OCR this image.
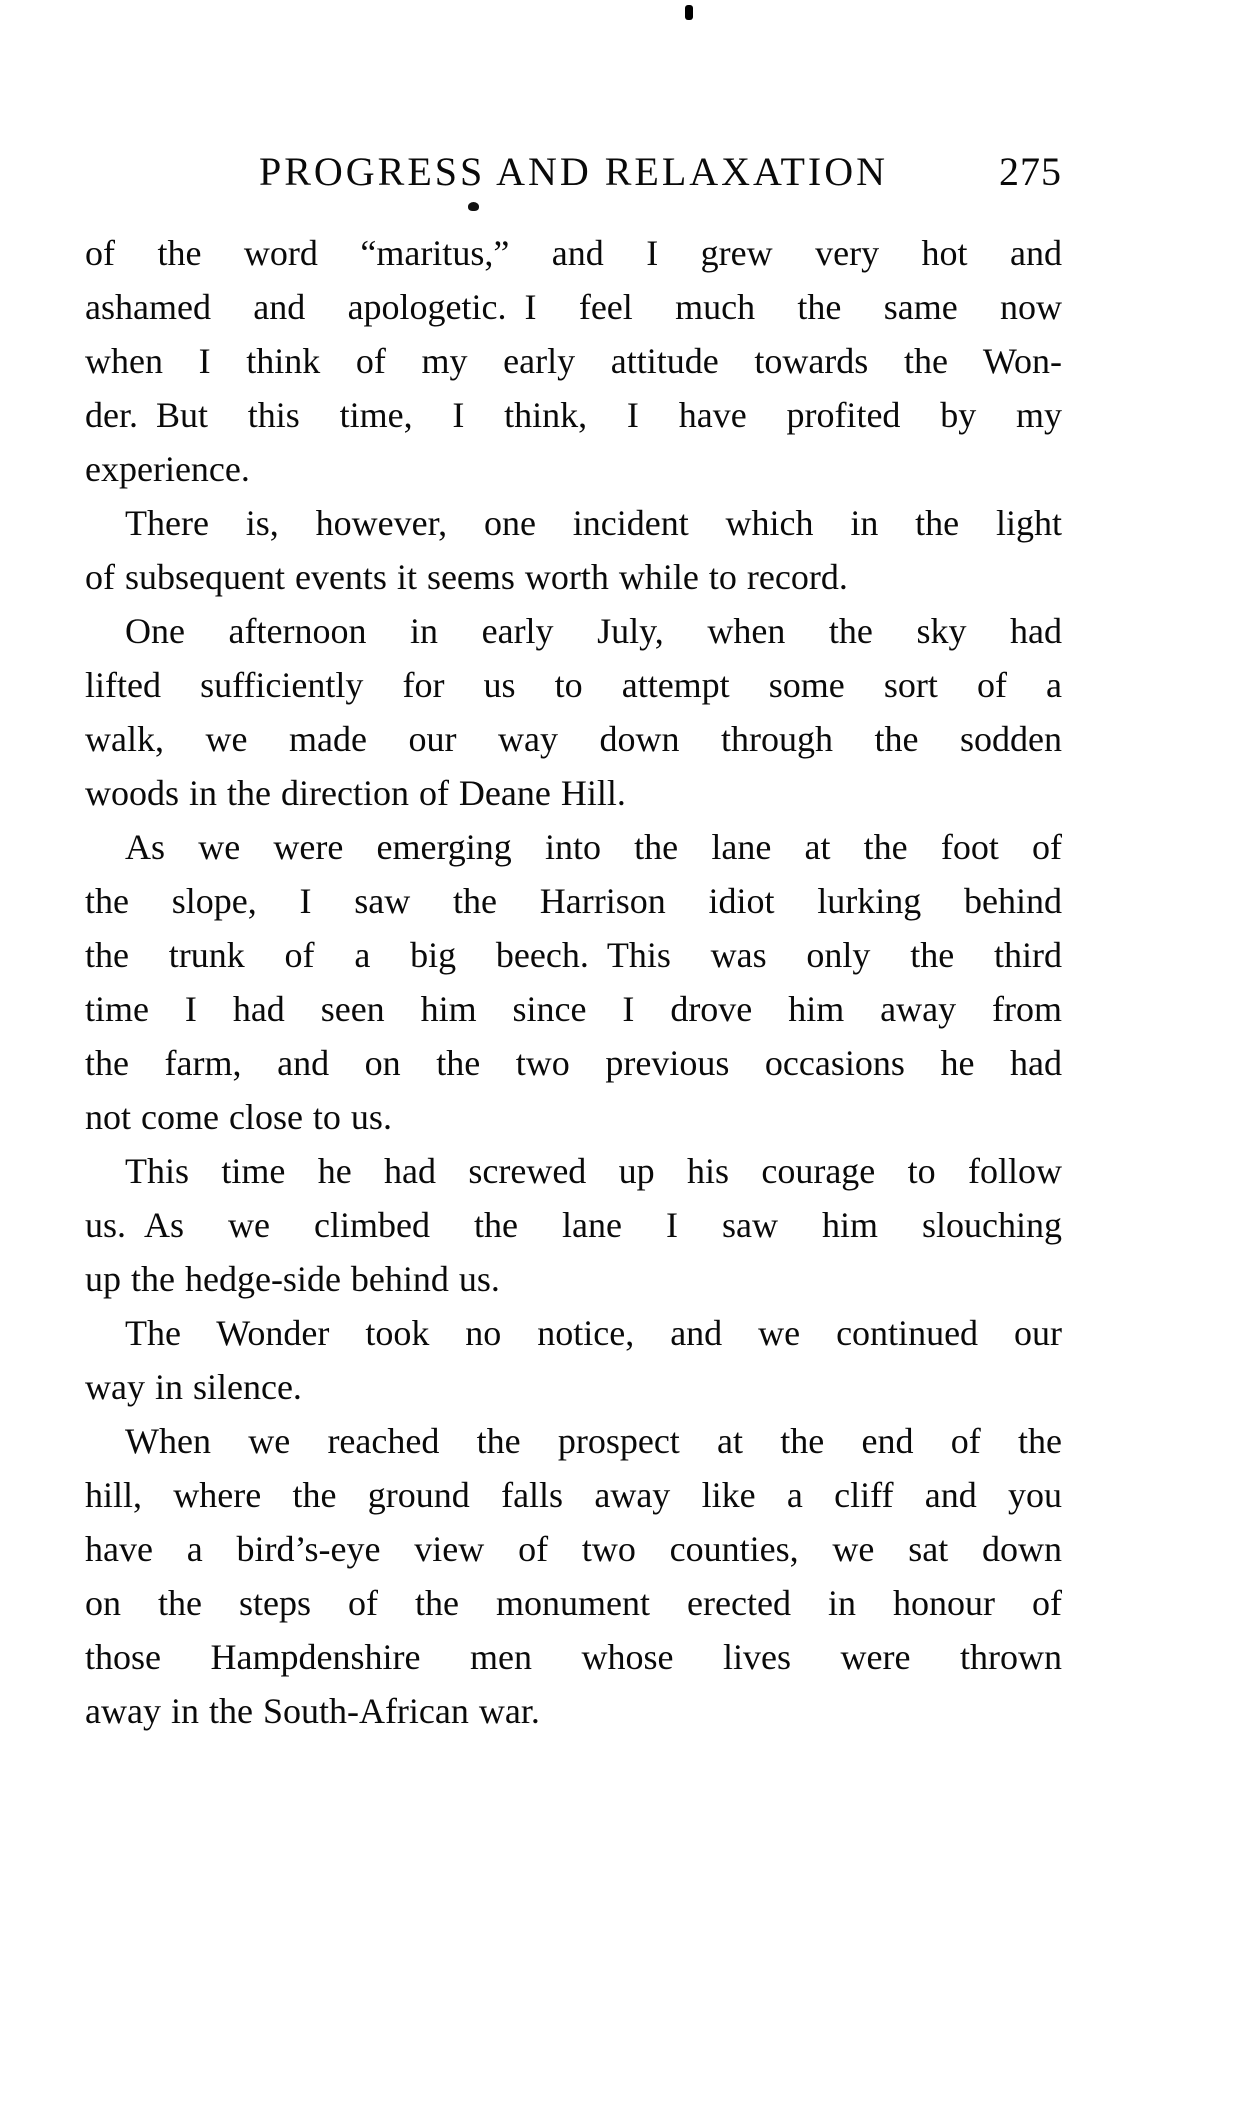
PROGRESS AND RELAXATION	275
of the word “maritus,” and I grew very hot and
ashamed and apologetic. I feel much the same now
when I think of my early attitude towards the Won-
der. But this time, I think, I have profited by my
experience.
There is, however, one incident which in the light
of subsequent events it seems worth while to record.
One afternoon in early July, when the sky had
lifted sufficiently for us to attempt some sort of a
walk, we made our way down through the sodden
woods in the direction of Deane Hill.
As we were emerging into the lane at the foot of
the slope, I saw the Harrison idiot lurking behind
the trunk of a big beech. This was only the third
time I had seen him since I drove him away from
the farm, and on the two previous occasions he had
not come close to us.
This time he had screwed up his courage to follow
us. As we climbed the lane I saw him slouching
up the hedge-side behind us.
The Wonder took no notice, and we continued our
way in silence.
When we reached the prospect at the end of the
hill, where the ground falls away like a cliff and you
have a bird’s-eye view of two counties, we sat down
on the steps of the monument erected in honour of
those Hampdenshire men whose lives were thrown
away in the South-African war.
